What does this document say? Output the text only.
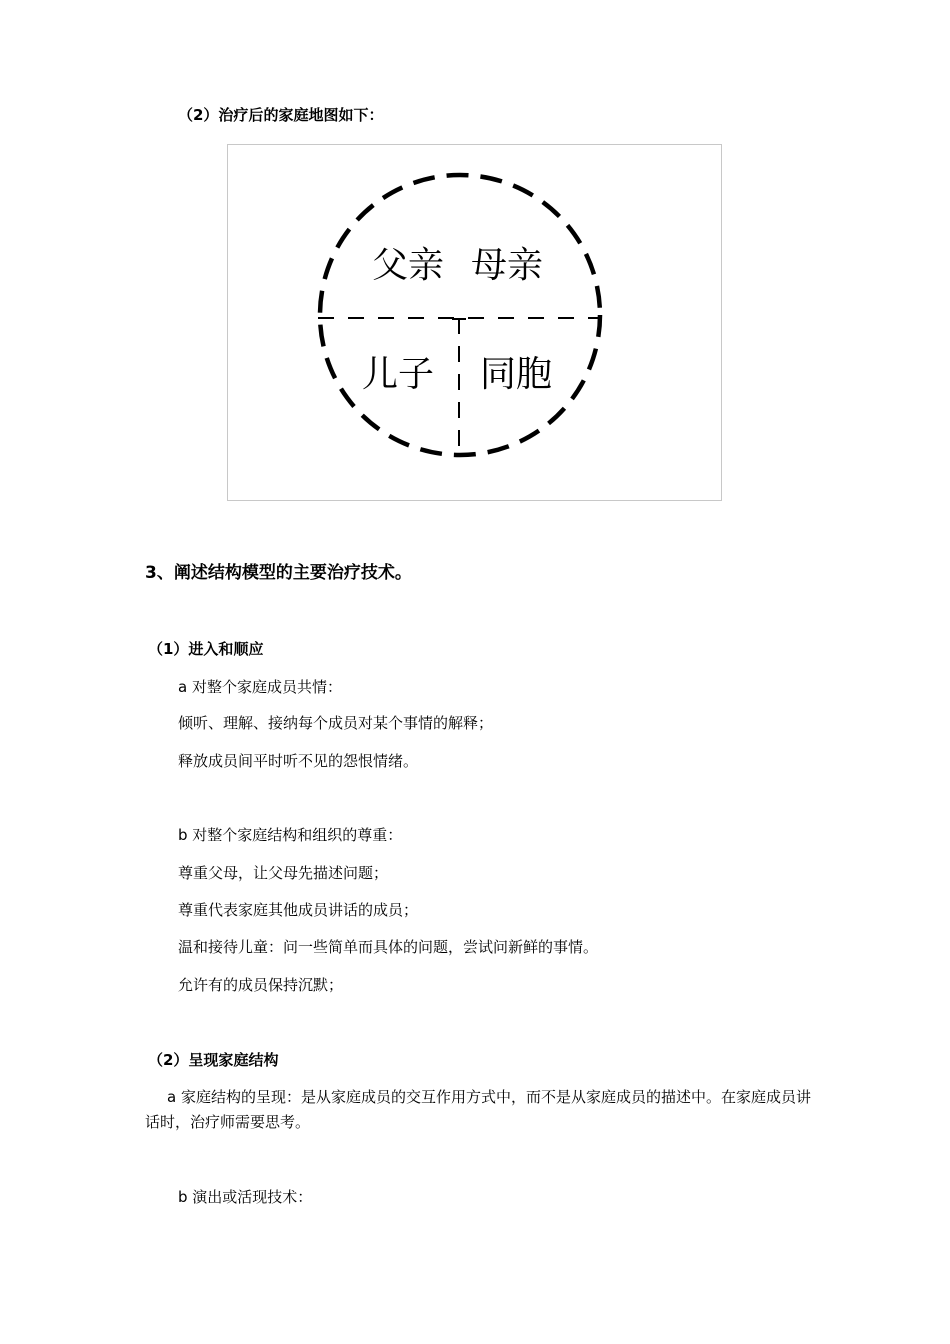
（2）治疗后的家庭地图如下：
父亲 母亲
儿子 同胞
3、阐述结构模型的主要治疗技术。
（1）进入和顺应
a 对整个家庭成员共情：
倾听、理解、接纳每个成员对某个事情的解释；
释放成员间平时听不见的怨恨情绪。
b 对整个家庭结构和组织的尊重：
尊重父母，让父母先描述问题；
尊重代表家庭其他成员讲话的成员；
温和接待儿童：问一些简单而具体的问题，尝试问新鲜的事情。
允许有的成员保持沉默；
（2）呈现家庭结构
a 家庭结构的呈现：是从家庭成员的交互作用方式中，而不是从家庭成员的描述中。在家庭成员讲话时，治疗师需要思考。
b 演出或活现技术：
